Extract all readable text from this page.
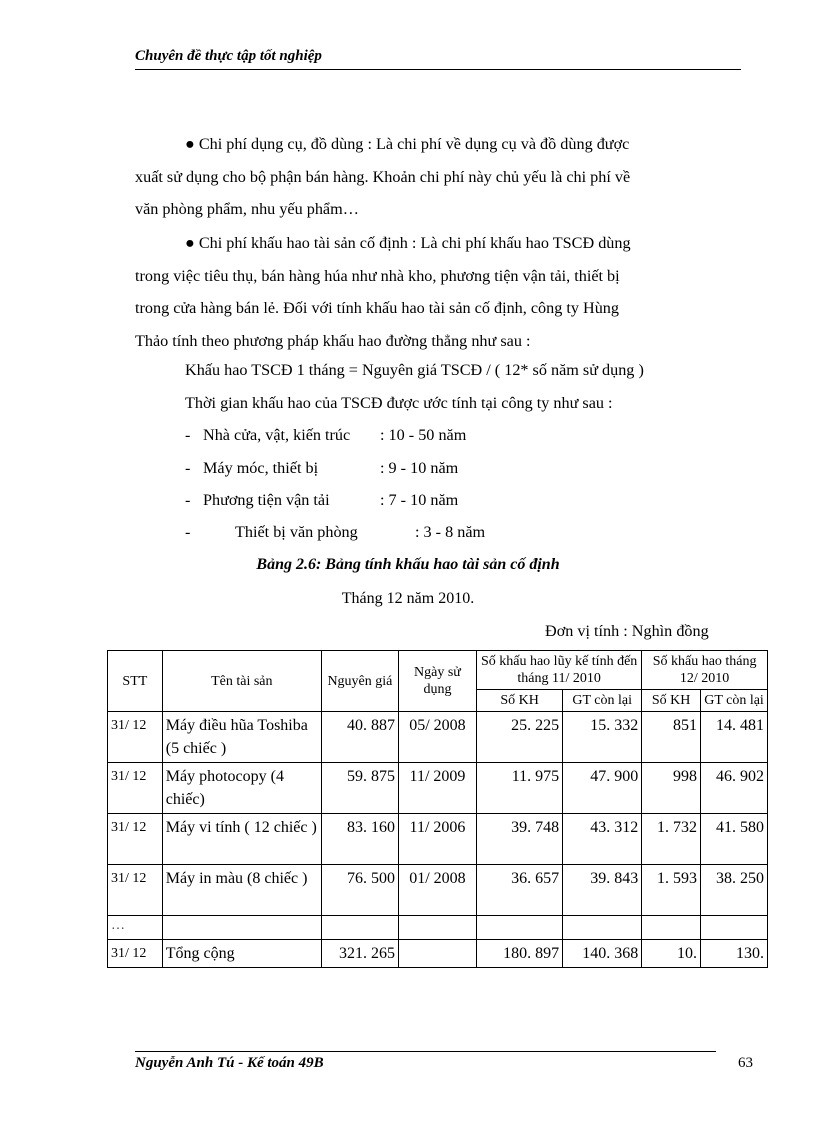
Chuyên đề thực tập tốt nghiệp
● Chi phí dụng cụ, đồ dùng : Là chi phí về dụng cụ và đồ dùng được
xuất sử dụng cho bộ phận bán hàng. Khoản chi phí này chủ yếu là chi phí về
văn phòng phẩm, nhu yếu phẩm…
● Chi phí khấu hao tài sản cố định : Là chi phí khấu hao TSCĐ dùng
trong việc tiêu thụ, bán hàng húa như nhà kho, phương tiện vận tải, thiết bị
trong cửa hàng bán lẻ. Đối với tính khấu hao tài sản cố định, công ty Hùng
Thảo tính theo phương pháp khấu hao đường thẳng như sau :
Khấu hao TSCĐ 1 tháng = Nguyên giá TSCĐ / ( 12* số năm sử dụng )
Thời gian khấu hao của TSCĐ được ước tính tại công ty như sau :
- Nhà cửa, vật, kiến trúc : 10 - 50 năm
- Máy móc, thiết bị	: 9 - 10 năm
- Phương tiện vận tải	: 7 - 10 năm
-	Thiết bị văn phòng	: 3 - 8 năm
Bảng 2.6: Bảng tính khấu hao tài sản cố định
Tháng 12 năm 2010.
Đơn vị tính : Nghìn đồng
STT	Tên tài sản	Nguyên giá	Ngày sử dụng	Số khấu hao lũy kế tính đến tháng 11/ 2010		Số khấu hao tháng 12/ 2010	
				Số KH	GT còn lại	Số KH	GT còn lại
31/ 12	Máy điều hũa Toshiba (5 chiếc )	40. 887	05/ 2008	25. 225	15. 332	851	14. 481
31/ 12	Máy photocopy (4 chiếc)	59. 875	11/ 2009	11. 975	47. 900	998	46. 902
31/ 12	Máy vi tính ( 12 chiếc )	83. 160	11/ 2006	39. 748	43. 312	1. 732	41. 580
31/ 12	Máy in màu (8 chiếc )	76. 500	01/ 2008	36. 657	39. 843	1. 593	38. 250
…							
31/ 12	Tổng cộng	321. 265		180. 897	140. 368	10.	130.
Nguyễn Anh Tú - Kế toán 49B	63
